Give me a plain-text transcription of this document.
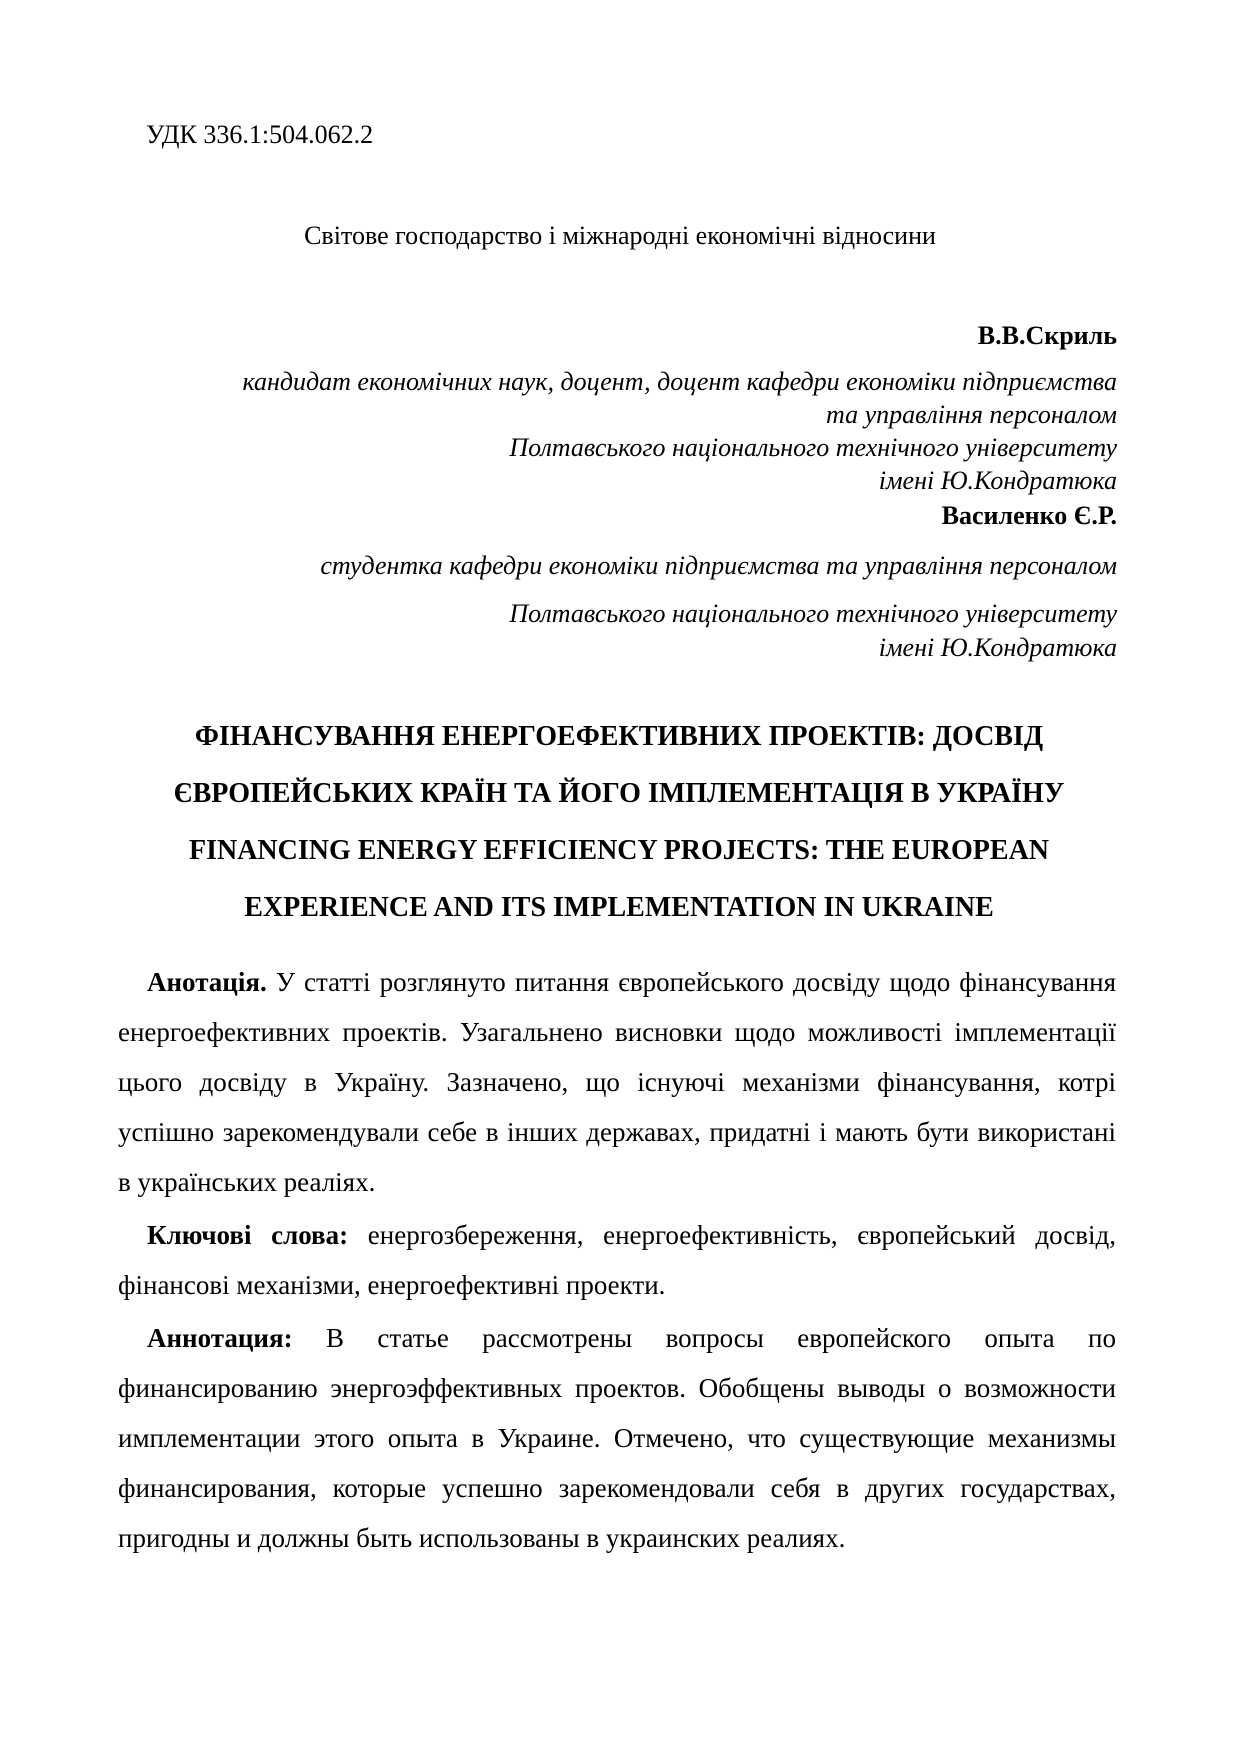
УДК 336.1:504.062.2
Світове господарство і міжнародні економічні відносини
В.В.Скриль
кандидат економічних наук, доцент, доцент кафедри економіки підприємства
та управління персоналом
Полтавського національного технічного університету
імені Ю.Кондратюка
Василенко Є.Р.
студентка кафедри економіки підприємства та управління персоналом
Полтавського національного технічного університету
імені Ю.Кондратюка
ФІНАНСУВАННЯ ЕНЕРГОЕФЕКТИВНИХ ПРОЕКТІВ: ДОСВІД
ЄВРОПЕЙСЬКИХ КРАЇН ТА ЙОГО ІМПЛЕМЕНТАЦІЯ В УКРАЇНУ
FINANCING ENERGY EFFICIENCY PROJECTS: THE EUROPEAN
EXPERIENCE AND ITS IMPLEMENTATION IN UKRAINE

Анотація. У статті розглянуто питання європейського досвіду щодо фінансування енергоефективних проектів. Узагальнено висновки щодо можливості імплементації цього досвіду в Україну. Зазначено, що існуючі механізми фінансування, котрі успішно зарекомендували себе в інших державах, придатні і мають бути використані в українських реаліях.

Ключові слова: енергозбереження, енергоефективність, європейський досвід, фінансові механізми, енергоефективні проекти.

Аннотация: В статье рассмотрены вопросы европейского опыта по финансированию энергоэффективных проектов. Обобщены выводы о возможности имплементации этого опыта в Украине. Отмечено, что существующие механизмы финансирования, которые успешно зарекомендовали себя в других государствах, пригодны и должны быть использованы в украинских реалиях.
